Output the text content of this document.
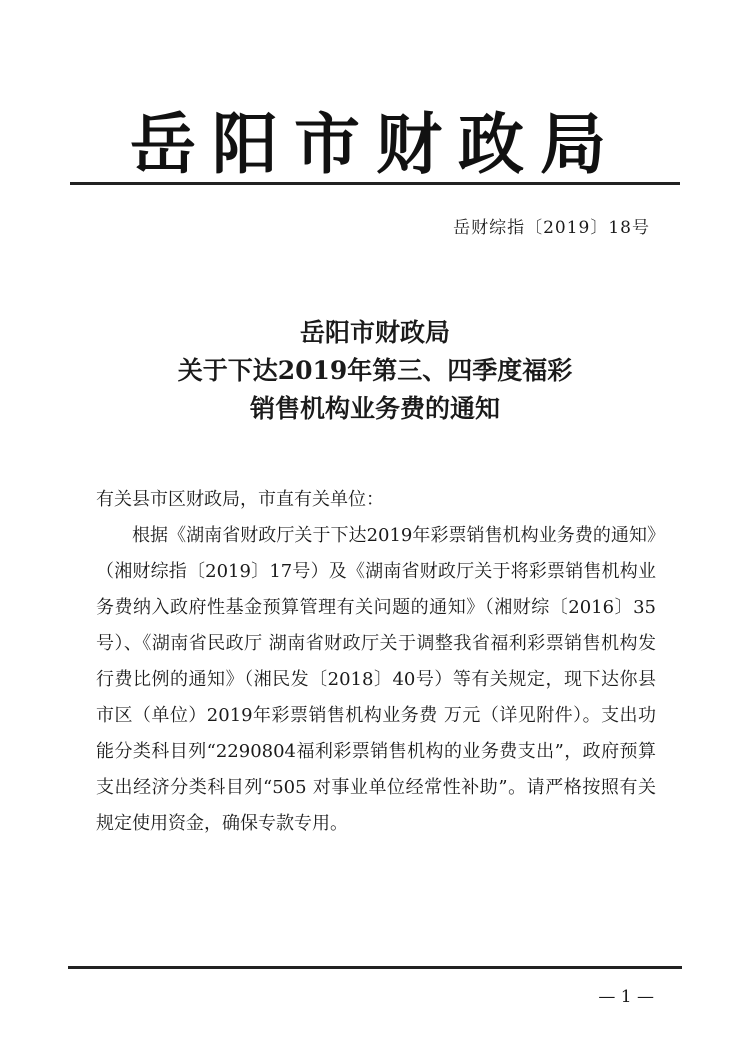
岳阳市财政局
岳财综指〔2019〕18号
岳阳市财政局
关于下达2019年第三、四季度福彩
销售机构业务费的通知

有关县市区财政局，市直有关单位：

根据《湖南省财政厅关于下达2019年彩票销售机构业务费的通知》（湘财综指〔2019〕17号）及《湖南省财政厅关于将彩票销售机构业务费纳入政府性基金预算管理有关问题的通知》（湘财综〔2016〕35号）、《湖南省民政厅 湖南省财政厅关于调整我省福利彩票销售机构发行费比例的通知》（湘民发〔2018〕40号）等有关规定，现下达你县市区（单位）2019年彩票销售机构业务费 万元（详见附件）。支出功能分类科目列“2290804福利彩票销售机构的业务费支出”，政府预算支出经济分类科目列“505 对事业单位经常性补助”。请严格按照有关规定使用资金，确保专款专用。

— 1 —
